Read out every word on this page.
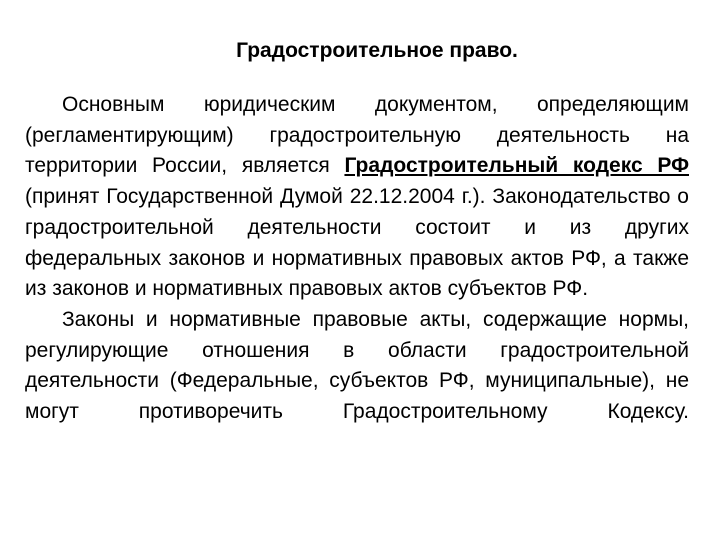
Градостроительное право.

Основным юридическим документом, определяющим (регламентирующим) градостроительную деятельность на территории России, является Градостроительный кодекс РФ (принят Государственной Думой 22.12.2004 г.). Законодательство о градостроительной деятельности состоит и из других федеральных законов и нормативных правовых актов РФ, а также из законов и нормативных правовых актов субъектов РФ.

Законы и нормативные правовые акты, содержащие нормы, регулирующие отношения в области градостроительной деятельности (Федеральные, субъектов РФ, муниципальные), не могут противоречить Градостроительному Кодексу.
